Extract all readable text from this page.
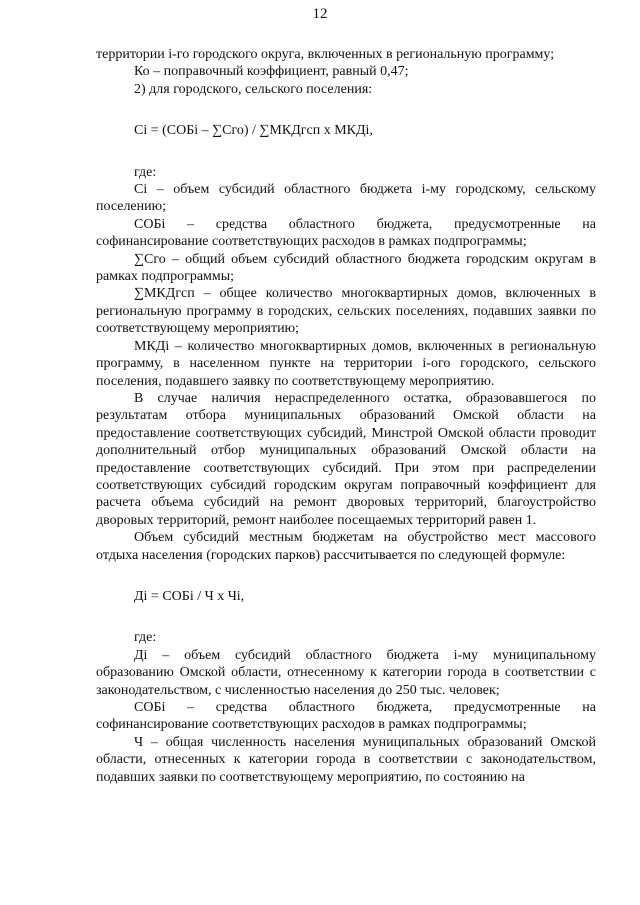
12

территории i-го городского округа, включенных в региональную программу;

Ко – поправочный коэффициент, равный 0,47;

2) для городского, сельского поселения:

Сi = (СОБi – ∑Сго) / ∑МКДгсп х МКДi,

где:

Сi – объем субсидий областного бюджета i-му городскому, сельскому поселению;

СОБi – средства областного бюджета, предусмотренные на софинансирование соответствующих расходов в рамках подпрограммы;

∑Сго – общий объем субсидий областного бюджета городским округам в рамках подпрограммы;

∑МКДгсп – общее количество многоквартирных домов, включенных в региональную программу в городских, сельских поселениях, подавших заявки по соответствующему мероприятию;

МКДi – количество многоквартирных домов, включенных в региональную программу, в населенном пункте на территории i-ого городского, сельского поселения, подавшего заявку по соответствующему мероприятию.

В случае наличия нераспределенного остатка, образовавшегося по результатам отбора муниципальных образований Омской области на предоставление соответствующих субсидий, Минстрой Омской области проводит дополнительный отбор муниципальных образований Омской области на предоставление соответствующих субсидий. При этом при распределении соответствующих субсидий городским округам поправочный коэффициент для расчета объема субсидий на ремонт дворовых территорий, благоустройство дворовых территорий, ремонт наиболее посещаемых территорий равен 1.

Объем субсидий местным бюджетам на обустройство мест массового отдыха населения (городских парков) рассчитывается по следующей формуле:

Дi = СОБi / Ч х Чi,

где:

Дi – объем субсидий областного бюджета i-му муниципальному образованию Омской области, отнесенному к категории города в соответствии с законодательством, с численностью населения до 250 тыс. человек;

СОБi – средства областного бюджета, предусмотренные на софинансирование соответствующих расходов в рамках подпрограммы;

Ч – общая численность населения муниципальных образований Омской области, отнесенных к категории города в соответствии с законодательством, подавших заявки по соответствующему мероприятию, по состоянию на
